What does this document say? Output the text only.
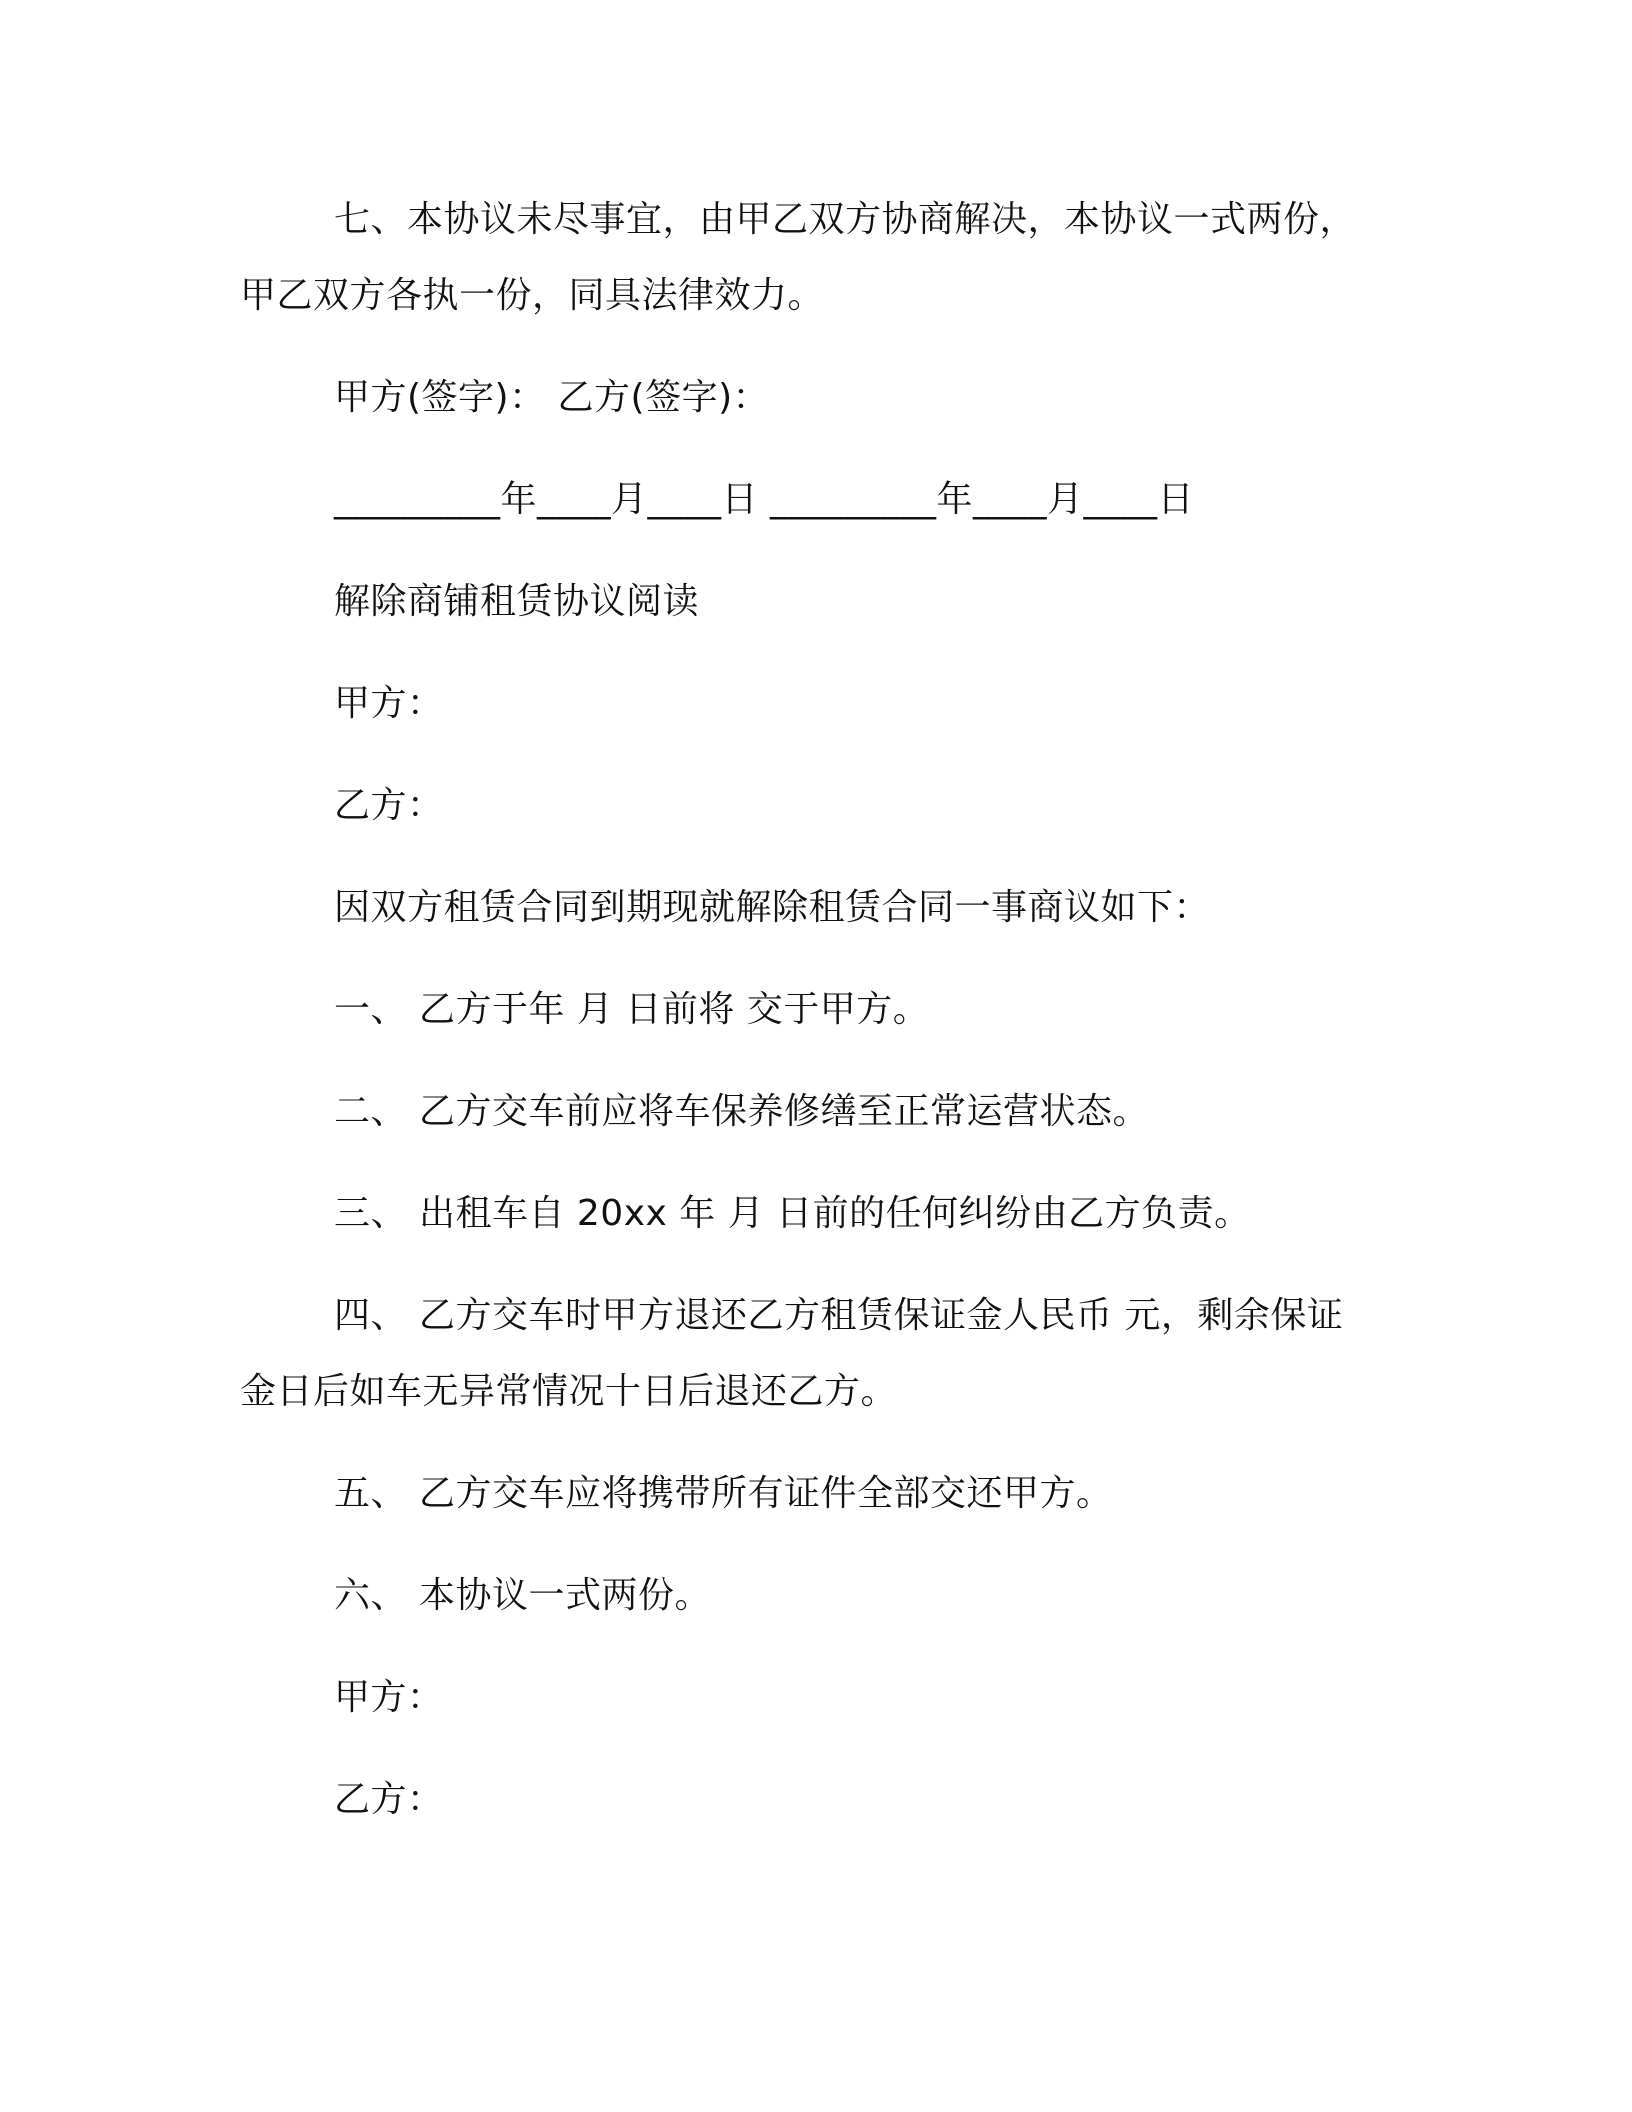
七、本协议未尽事宜，由甲乙双方协商解决，本协议一式两份，
甲乙双方各执一份，同具法律效力。
甲方(签字)： 乙方(签字)：
_________年____月____日 _________年____月____日
解除商铺租赁协议阅读
甲方：
乙方：
因双方租赁合同到期现就解除租赁合同一事商议如下：
一、 乙方于年 月 日前将 交于甲方。
二、 乙方交车前应将车保养修缮至正常运营状态。
三、 出租车自 20xx 年 月 日前的任何纠纷由乙方负责。
四、 乙方交车时甲方退还乙方租赁保证金人民币 元，剩余保证
金日后如车无异常情况十日后退还乙方。
五、 乙方交车应将携带所有证件全部交还甲方。
六、 本协议一式两份。
甲方：
乙方：
